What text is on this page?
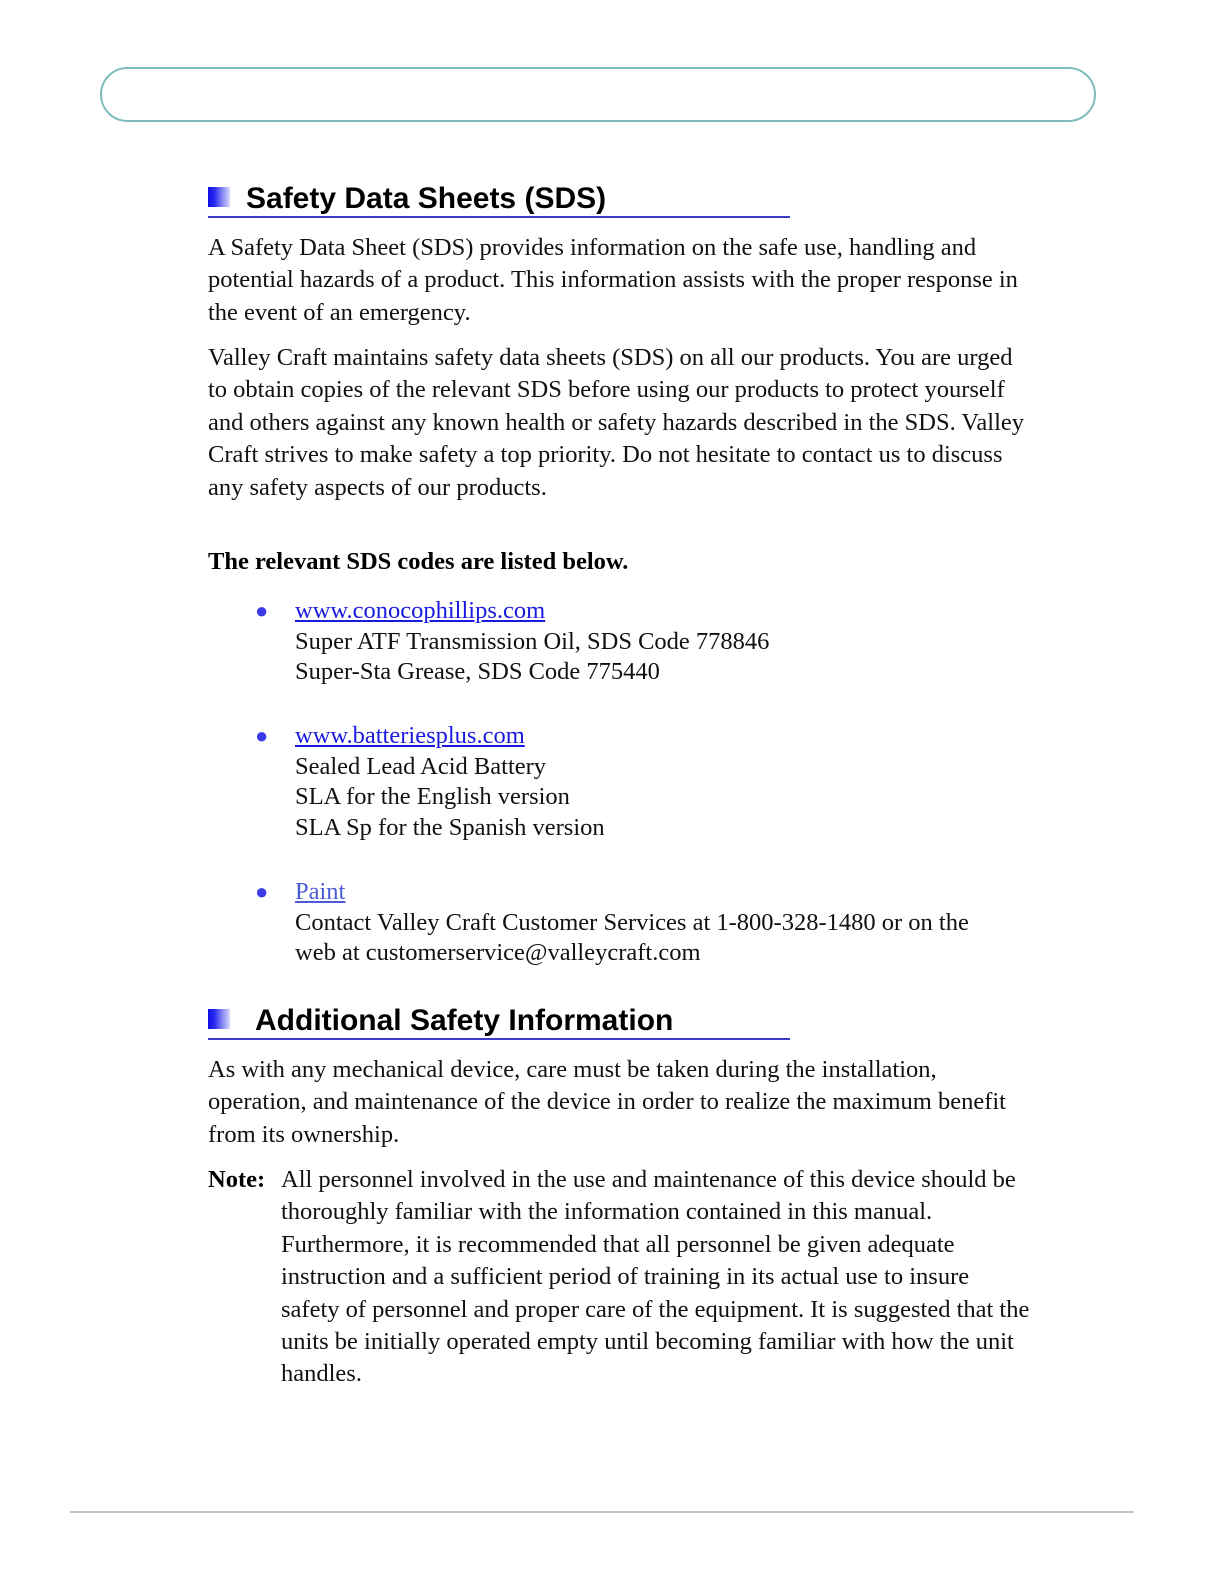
Safety Data Sheets (SDS)

A Safety Data Sheet (SDS) provides information on the safe use, handling and potential hazards of a product. This information assists with the proper response in the event of an emergency.

Valley Craft maintains safety data sheets (SDS) on all our products. You are urged to obtain copies of the relevant SDS before using our products to protect yourself and others against any known health or safety hazards described in the SDS. Valley Craft strives to make safety a top priority. Do not hesitate to contact us to discuss any safety aspects of our products.

The relevant SDS codes are listed below.
● www.conocophillips.com
Super ATF Transmission Oil, SDS Code 778846
Super-Sta Grease, SDS Code 775440
● www.batteriesplus.com
Sealed Lead Acid Battery
SLA for the English version
SLA Sp for the Spanish version
● Paint
Contact Valley Craft Customer Services at 1-800-328-1480 or on the web at customerservice@valleycraft.com
Additional Safety Information

As with any mechanical device, care must be taken during the installation, operation, and maintenance of the device in order to realize the maximum benefit from its ownership.

Note: All personnel involved in the use and maintenance of this device should be thoroughly familiar with the information contained in this manual. Furthermore, it is recommended that all personnel be given adequate instruction and a sufficient period of training in its actual use to insure safety of personnel and proper care of the equipment. It is suggested that the units be initially operated empty until becoming familiar with how the unit handles.
